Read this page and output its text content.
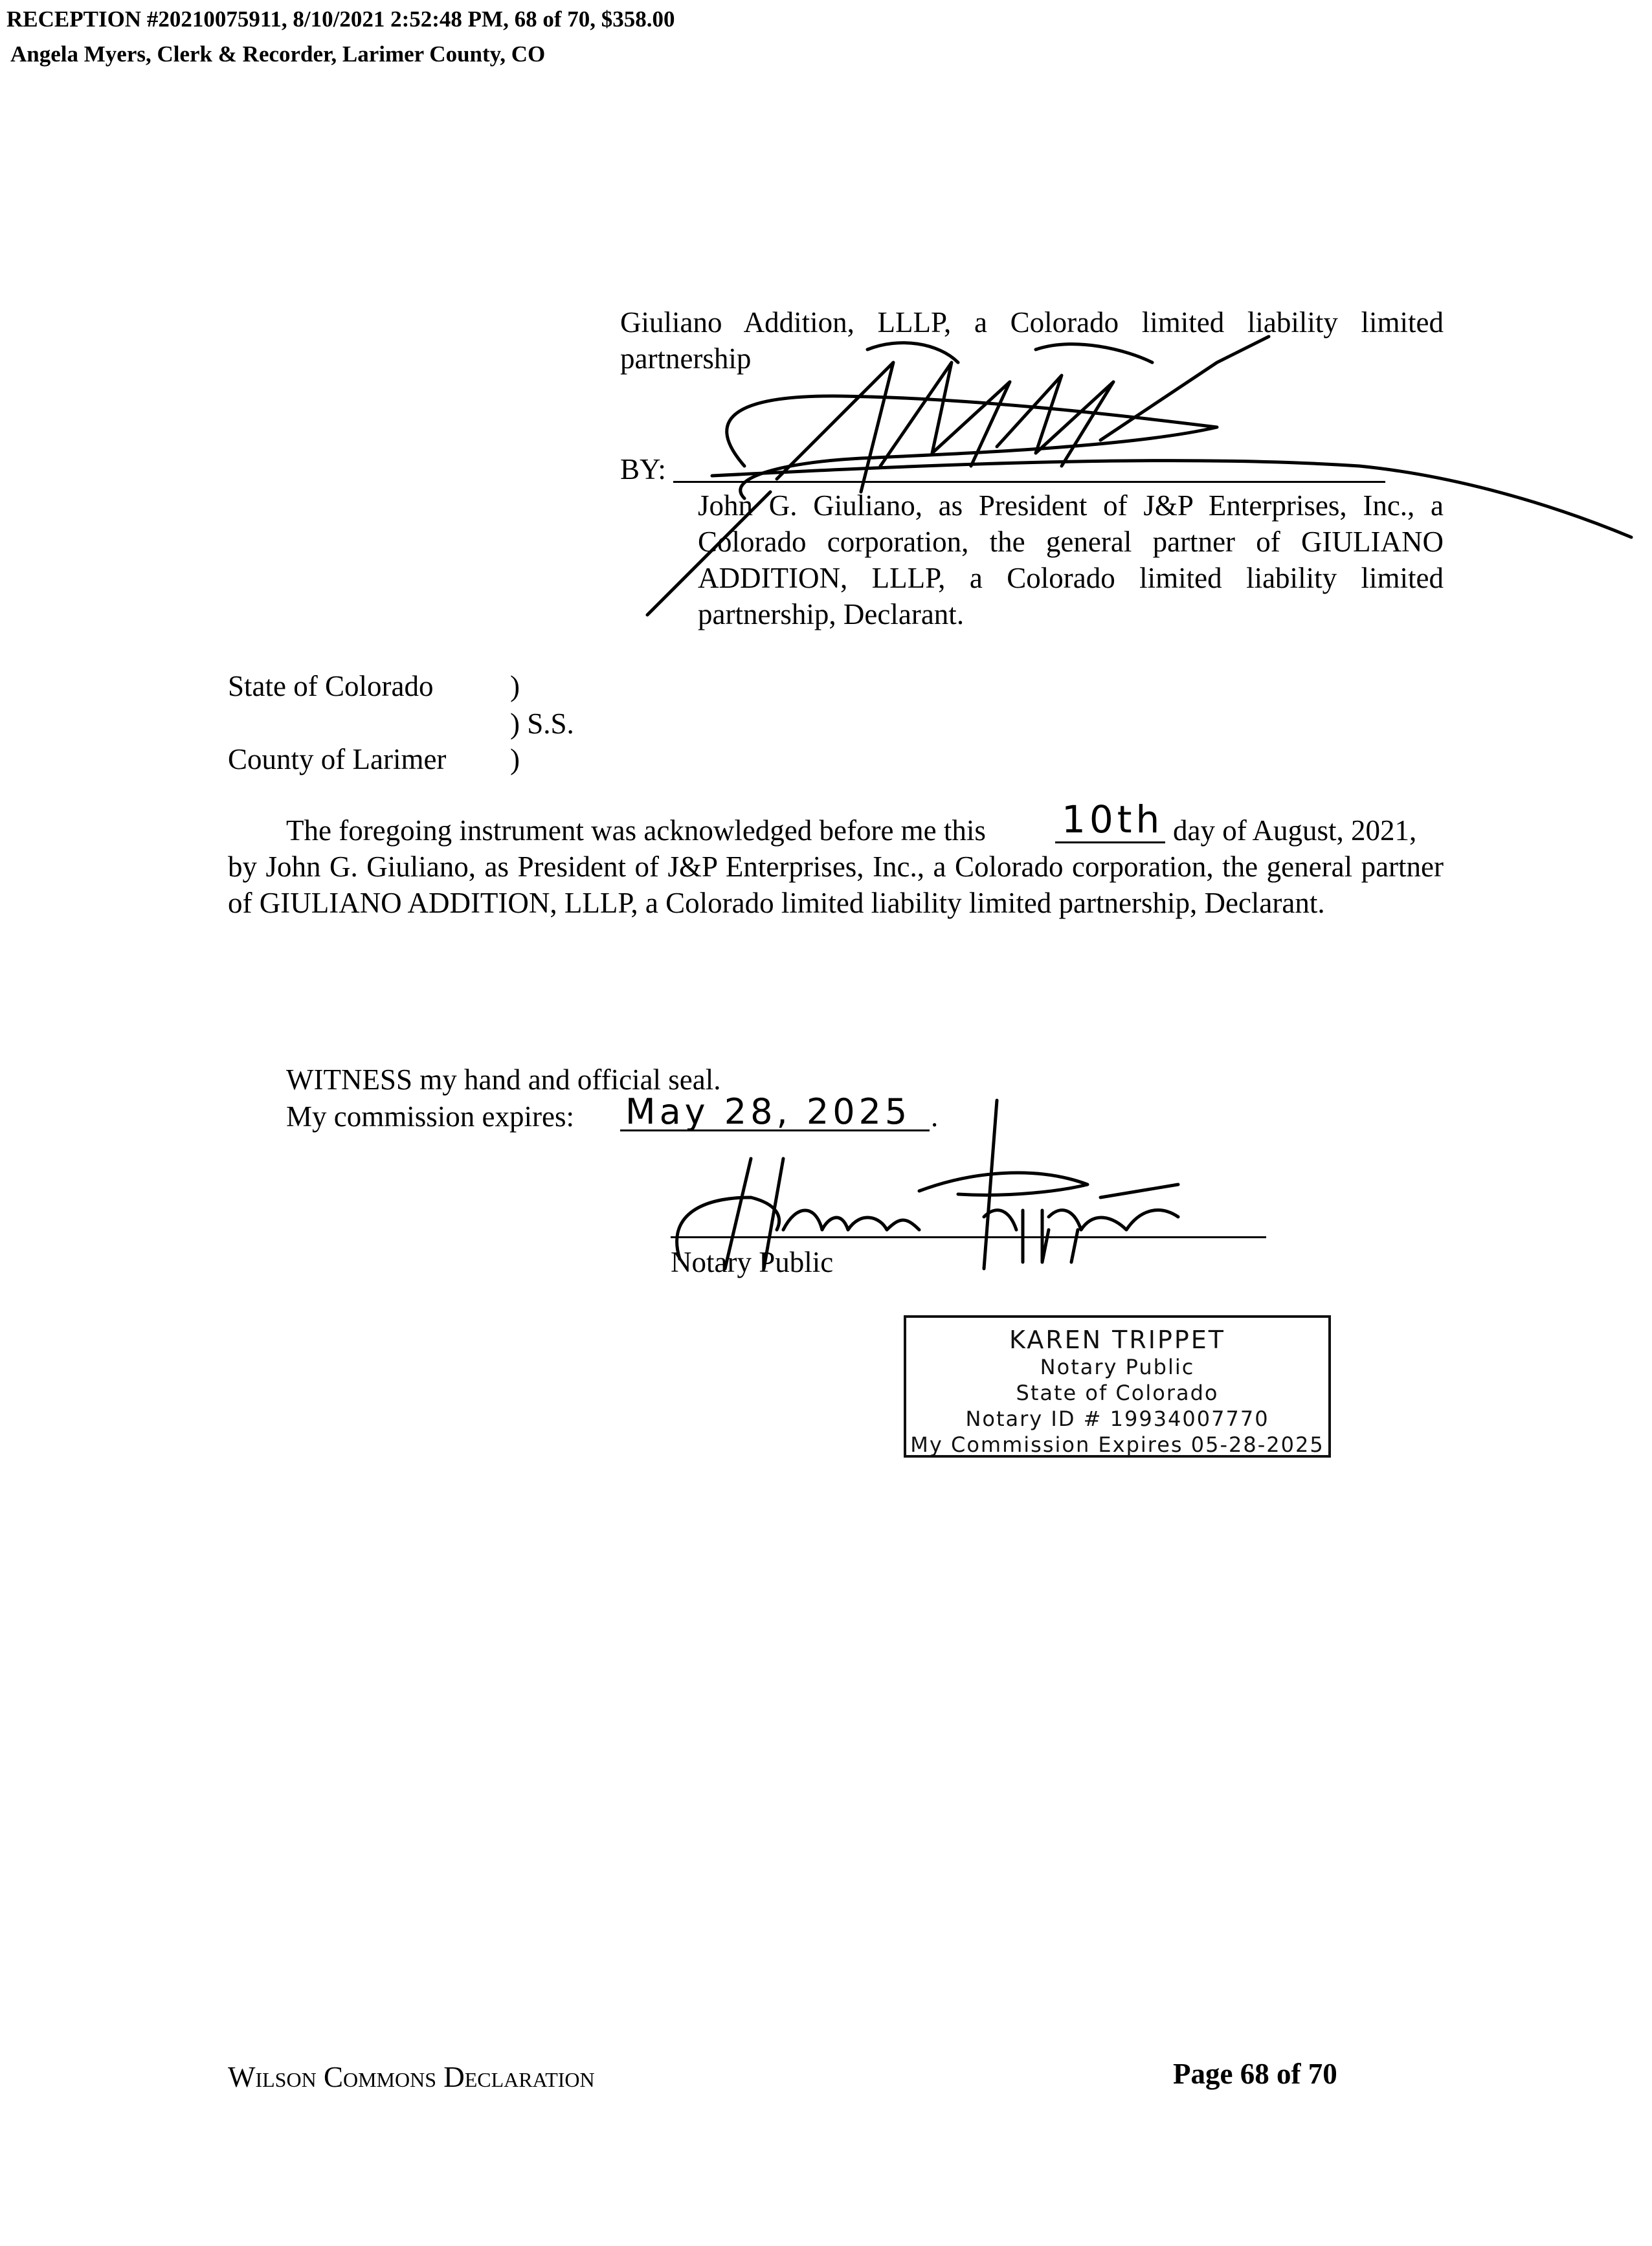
RECEPTION #20210075911, 8/10/2021 2:52:48 PM, 68 of 70, $358.00
Angela Myers, Clerk & Recorder, Larimer County, CO
Giuliano Addition, LLLP, a Colorado limited liability limited
partnership
BY:
John G. Giuliano, as President of J&P Enterprises, Inc., a Colorado corporation, the general partner of GIULIANO ADDITION, LLLP, a Colorado limited liability limited partnership, Declarant.
State of Colorado	)
) S.S.
County of Larimer )
The foregoing instrument was acknowledged before me this 10th day of August, 2021,
by John G. Giuliano, as President of J&P Enterprises, Inc., a Colorado corporation, the general partner of GIULIANO ADDITION, LLLP, a Colorado limited liability limited partnership, Declarant.
WITNESS my hand and official seal.
My commission expires: May 28, 2025 .
Notary Public
KAREN TRIPPET
Notary Public
State of Colorado
Notary ID # 19934007770
My Commission Expires 05-28-2025
Wilson Commons Declaration	Page 68 of 70
